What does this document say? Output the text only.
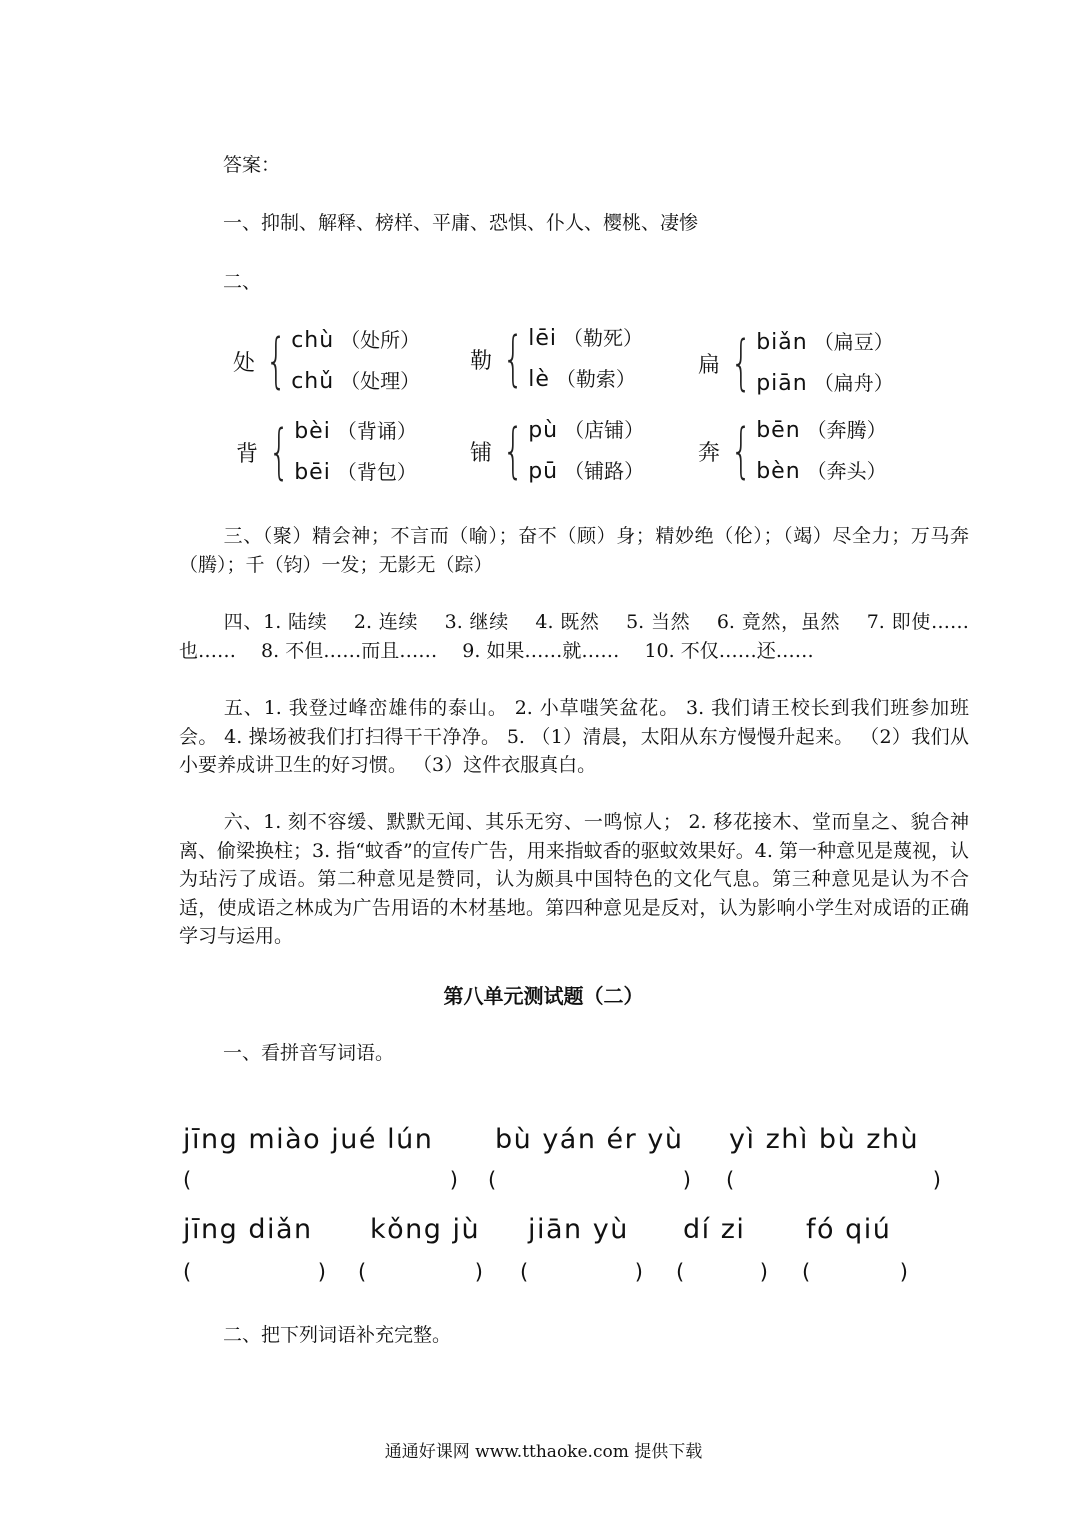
答案：
一、抑制、解释、榜样、平庸、恐惧、仆人、樱桃、凄惨
二、
处 { chù （处所）
chǔ （处理）
勒 { lēi （勒死）
lè （勒索）
扁 { biǎn （扁豆）
piān （扁舟）
背 { bèi （背诵）
bēi （背包）
铺 { pù （店铺）
pū （铺路）
奔 { bēn （奔腾）
bèn （奔头）
三、（聚）精会神；不言而（喻）；奋不（顾）身；精妙绝（伦）；（竭）尽全力；万马奔（腾）；千（钧）一发；无影无（踪）
四、1. 陆续　 2. 连续　 3. 继续　 4. 既然　 5. 当然　 6. 竟然，虽然　 7. 即使……也……　 8. 不但……而且……　 9. 如果……就……　 10. 不仅……还……
五、1. 我登过峰峦雄伟的泰山。 2. 小草嗤笑盆花。 3. 我们请王校长到我们班参加班会。 4. 操场被我们打扫得干干净净。 5. （1）清晨，太阳从东方慢慢升起来。 （2）我们从小要养成讲卫生的好习惯。 （3）这件衣服真白。
六、1. 刻不容缓、默默无闻、其乐无穷、一鸣惊人； 2. 移花接木、堂而皇之、貌合神离、偷梁换柱；3. 指“蚊香”的宣传广告，用来指蚊香的驱蚊效果好。4. 第一种意见是蔑视，认为玷污了成语。第二种意见是赞同，认为颇具中国特色的文化气息。第三种意见是认为不合适，使成语之林成为广告用语的木材基地。第四种意见是反对，认为影响小学生对成语的正确学习与运用。
第八单元测试题（二）
一、看拼音写词语。
jīng miào jué lún bù yán ér yù yì zhì bù zhù
(	) (	) (	)
jīng diǎn kǒng jù jiān yù dí zi fó qiú
(	) (	) (	) (	) (	)
二、把下列词语补充完整。
通通好课网 www.tthaoke.com 提供下载
